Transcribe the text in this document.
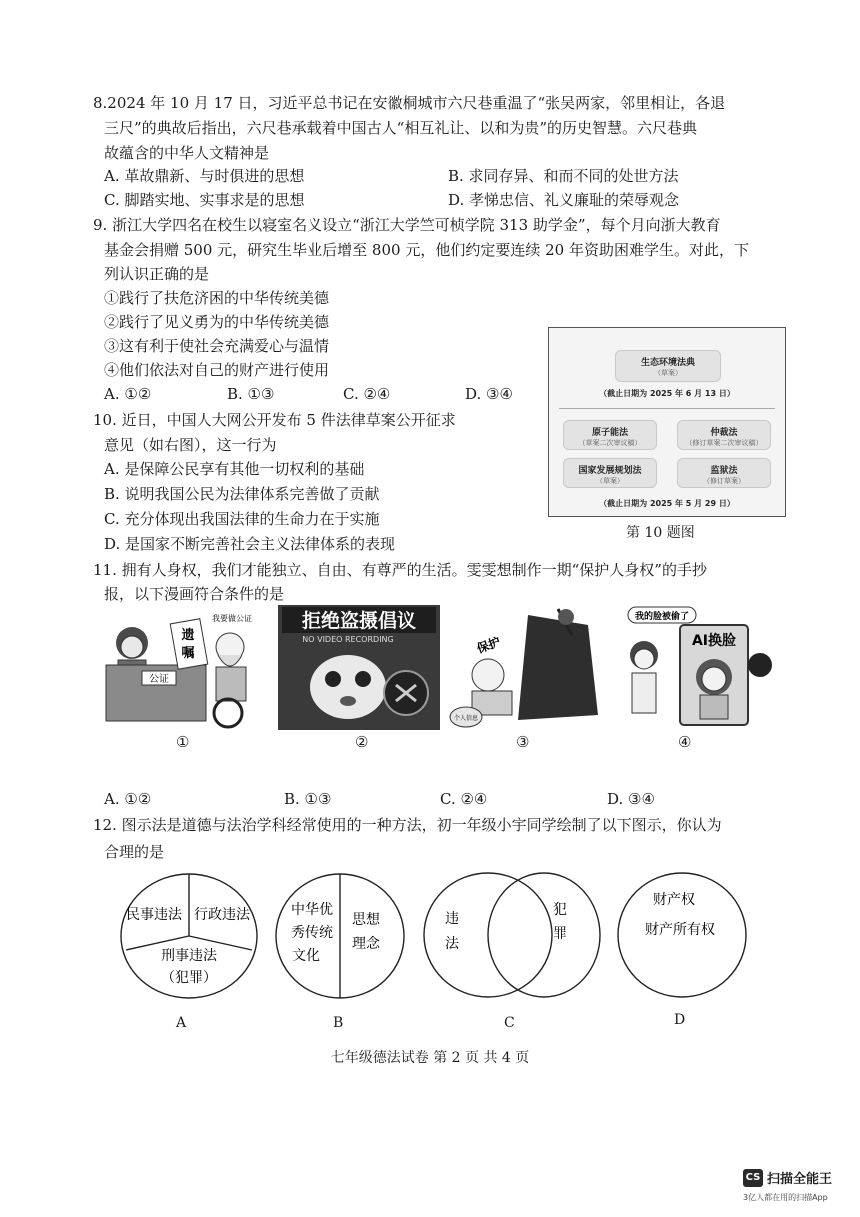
8.2024 年 10 月 17 日，习近平总书记在安徽桐城市六尺巷重温了“张吴两家，邻里相让，各退
三尺”的典故后指出，六尺巷承载着中国古人“相互礼让、以和为贵”的历史智慧。六尺巷典
故蕴含的中华人文精神是
A. 革故鼎新、与时俱进的思想	B. 求同存异、和而不同的处世方法
C. 脚踏实地、实事求是的思想	D. 孝悌忠信、礼义廉耻的荣辱观念
9. 浙江大学四名在校生以寝室名义设立“浙江大学竺可桢学院 313 助学金”，每个月向浙大教育
基金会捐赠 500 元，研究生毕业后增至 800 元，他们约定要连续 20 年资助困难学生。对此，下
列认识正确的是
①践行了扶危济困的中华传统美德
②践行了见义勇为的中华传统美德
③这有利于使社会充满爱心与温情
④他们依法对自己的财产进行使用
A. ①②	B. ①③	C. ②④	D. ③④
10. 近日，中国人大网公开发布 5 件法律草案公开征求
意见（如右图），这一行为
A. 是保障公民享有其他一切权利的基础
B. 说明我国公民为法律体系完善做了贡献
C. 充分体现出我国法律的生命力在于实施
D. 是国家不断完善社会主义法律体系的表现
生态环境法典
（草案）
（截止日期为 2025 年 6 月 13 日）
原子能法
（草案二次审议稿）
仲裁法
（修订草案二次审议稿）
国家发展规划法
（草案）
监狱法
（修订草案）
（截止日期为 2025 年 5 月 29 日）
第 10 题图
11. 拥有人身权，我们才能独立、自由、有尊严的生活。雯雯想制作一期“保护人身权”的手抄
报，以下漫画符合条件的是
公证
遗
嘱
我要做公证
①
拒绝盗摄倡议
NO VIDEO RECORDING
②
保护
个人信息
③
我的脸被偷了
AI换脸
④
A. ①②	B. ①③	C. ②④	D. ③④
12. 图示法是道德与法治学科经常使用的一种方法，初一年级小宇同学绘制了以下图示，你认为
合理的是
民事违法 行政违法
刑事违法
（犯罪）
A
中华优
秀传统
文化
思想
理念
B
违
法
犯
罪
C
财产权
财产所有权
D
七年级德法试卷 第 2 页 共 4 页
CS 扫描全能王
3亿人都在用的扫描App
